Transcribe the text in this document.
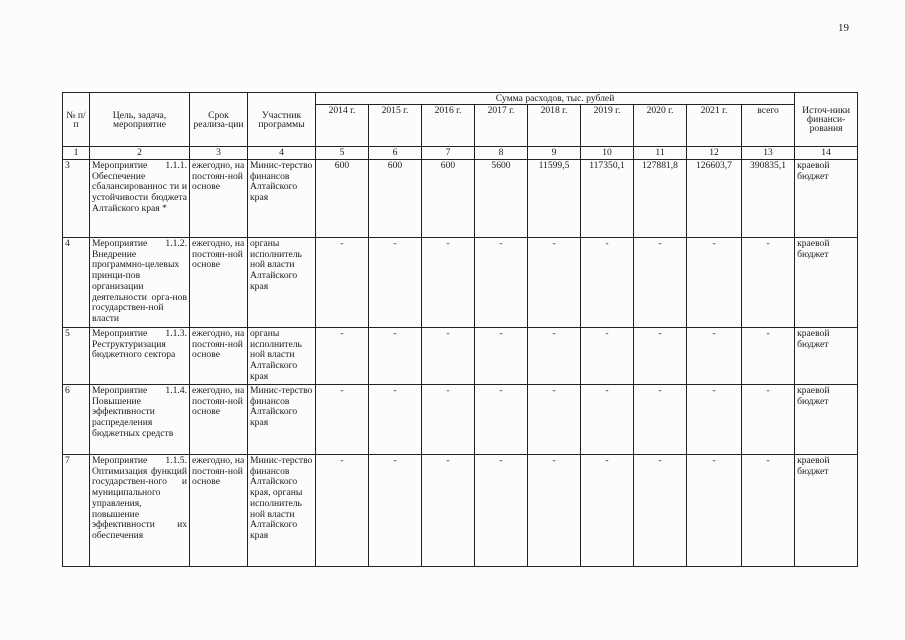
19
№ п/п	Цель, задача, мероприятие	Срок реализа-ции	Участник программы	Сумма расходов, тыс. рублей									Источ-ники финанси-рования
				2014 г.	2015 г.	2016 г.	2017 г.	2018 г.	2019 г.	2020 г.	2021 г.	всего	
1	2	3	4	5	6	7	8	9	10	11	12	13	14
3	Мероприятие 1.1.1. Обеспечение сбалансированнос ти и устойчивости бюджета Алтайского края *	ежегодно, на постоян-ной основе	Минис-терство финансов Алтайского края	600	600	600	5600	11599,5	117350,1	127881,8	126603,7	390835,1	краевой бюджет
4	Мероприятие 1.1.2. Внедрение программно-целевых принци-пов организации деятельности орга-нов государствен-ной власти	ежегодно, на постоян-ной основе	органы исполнитель ной власти Алтайского края	-	-	-	-	-	-	-	-	-	краевой бюджет
5	Мероприятие 1.1.3. Реструктуризация бюджетного сектора	ежегодно, на постоян-ной основе	органы исполнитель ной власти Алтайского края	-	-	-	-	-	-	-	-	-	краевой бюджет
6	Мероприятие 1.1.4. Повышение эффективности распределения бюджетных средств	ежегодно, на постоян-ной основе	Минис-терство финансов Алтайского края	-	-	-	-	-	-	-	-	-	краевой бюджет
7	Мероприятие 1.1.5. Оптимизация функций государствен-ного и муниципального управления, повышение эффективности их обеспечения	ежегодно, на постоян-ной основе	Минис-терство финансов Алтайского края, органы исполнитель ной власти Алтайского края	-	-	-	-	-	-	-	-	-	краевой бюджет
